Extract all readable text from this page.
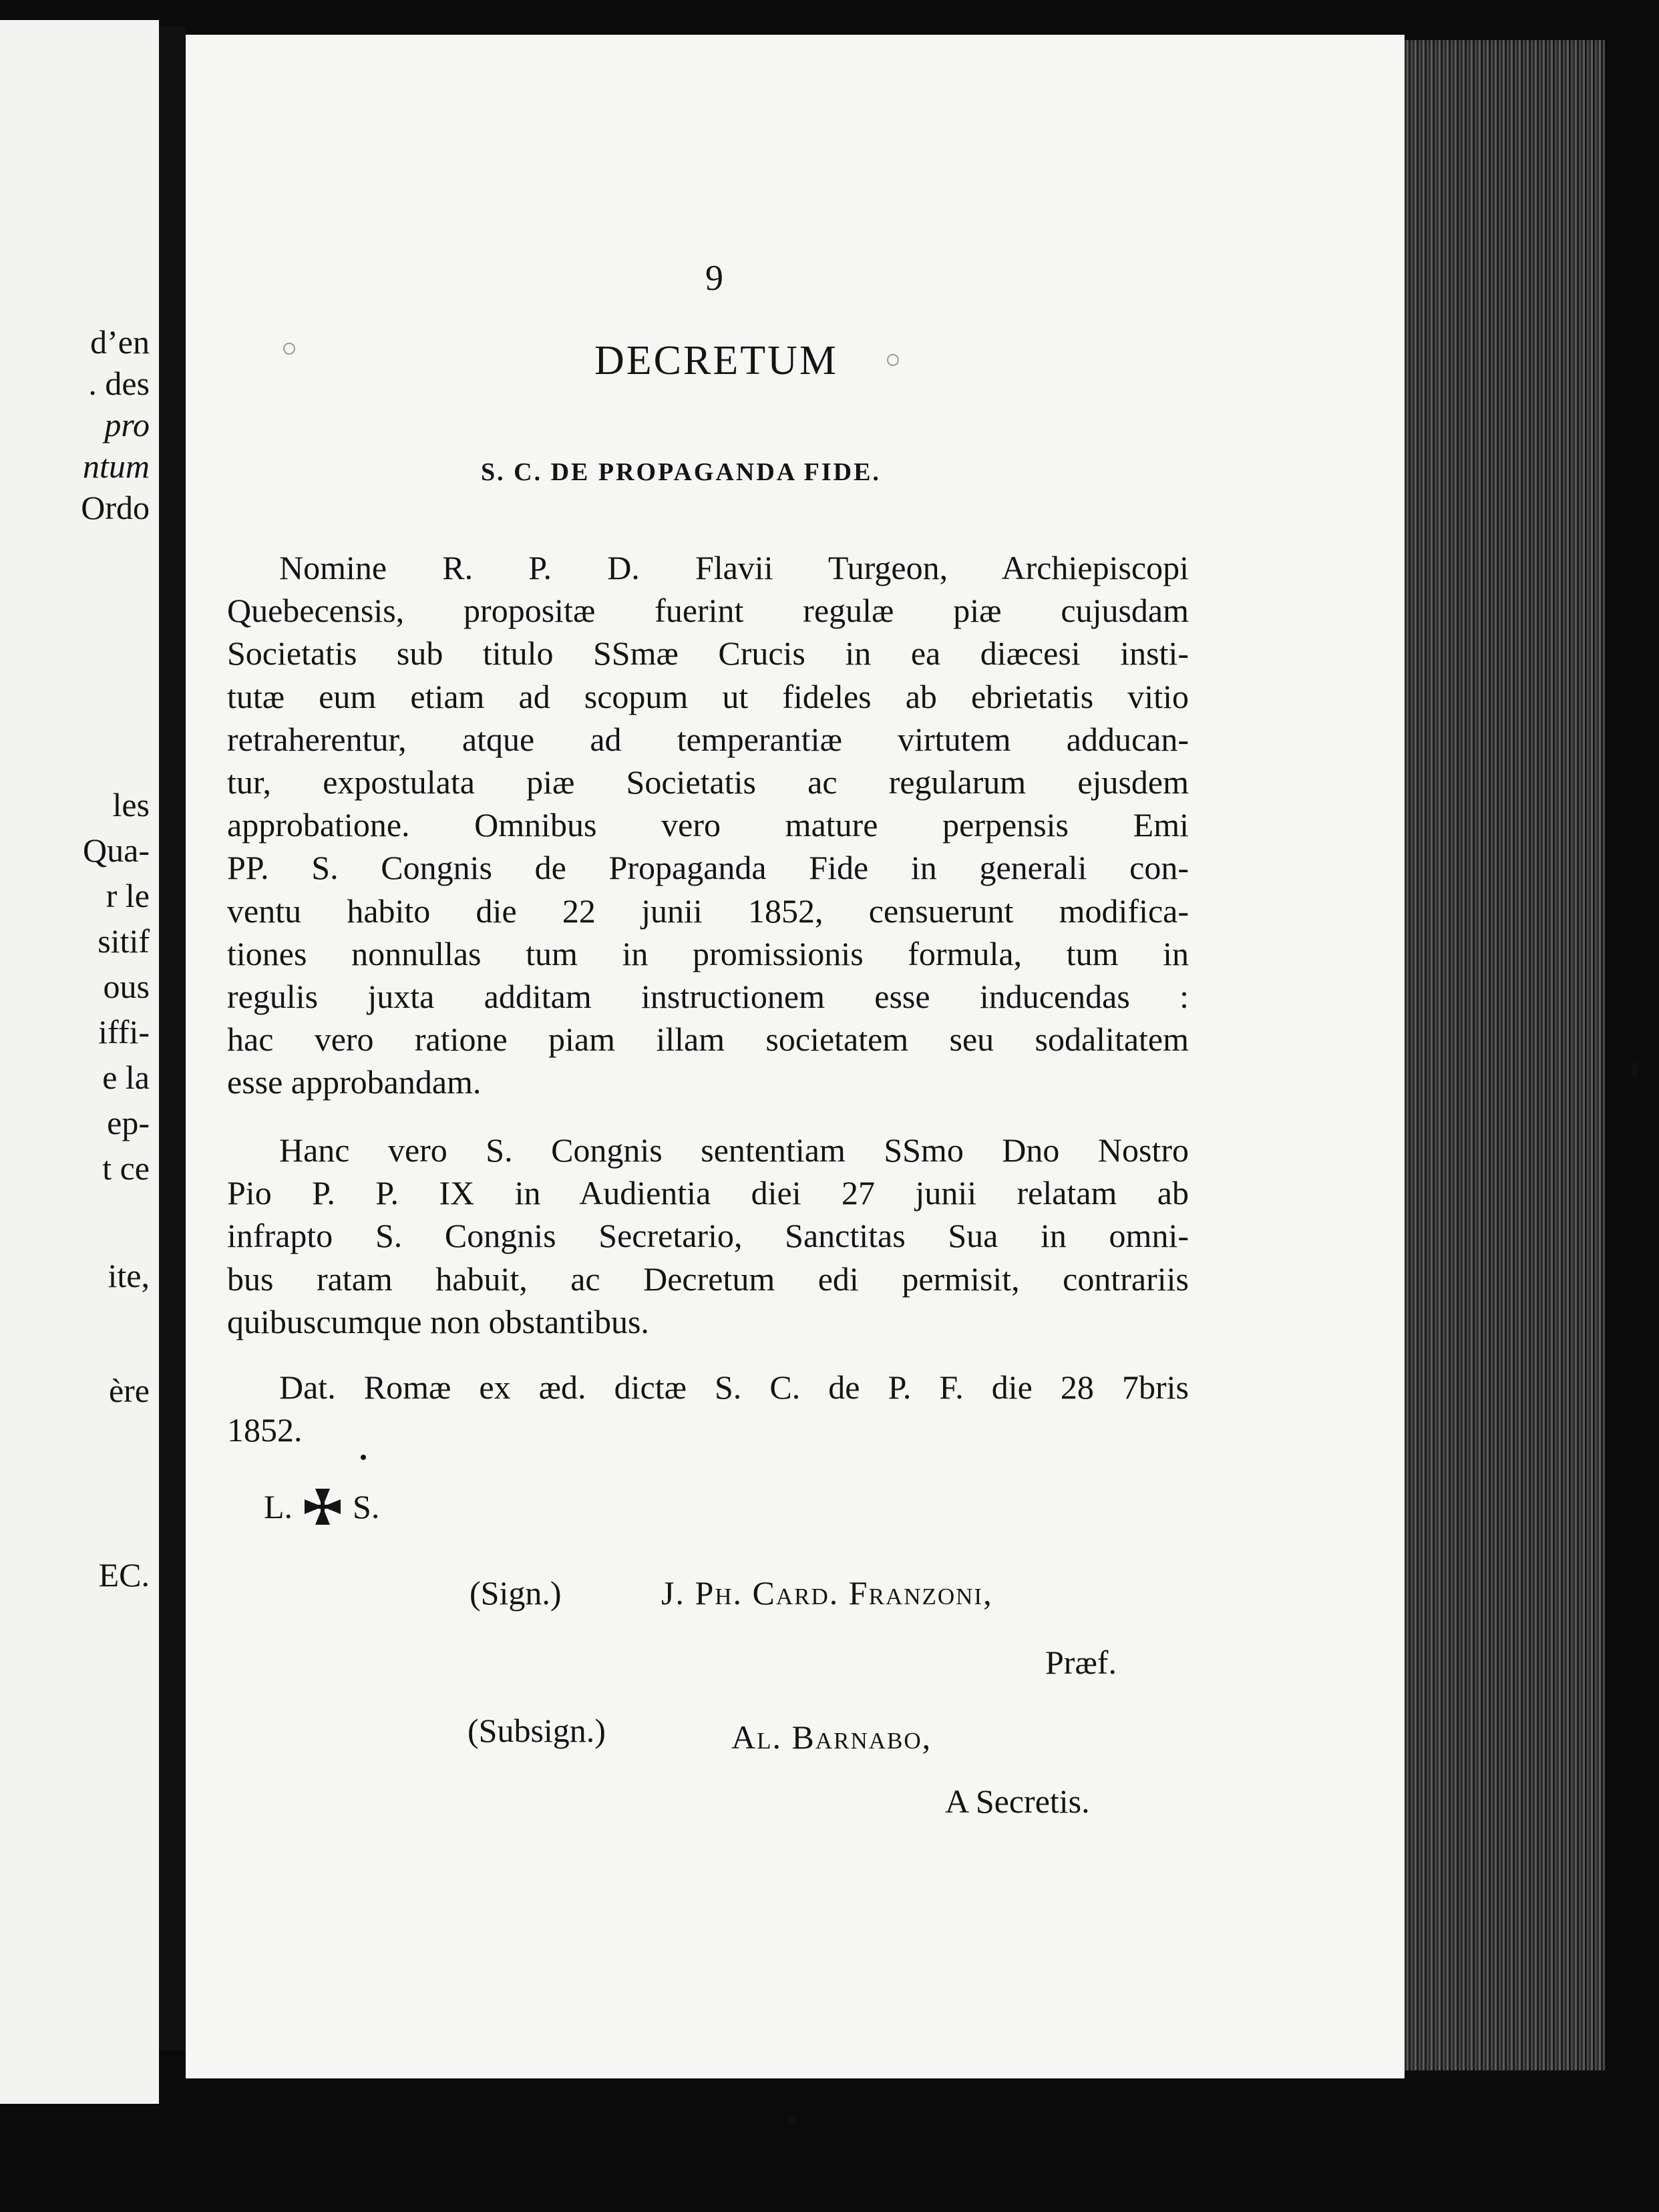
d’en
. des
pro
ntum
Ordo
les
Qua-
r le
sitif
ous
iffi-
e la
ep-
t ce
ite,
ère
EC.
9
DECRETUM
S. C. DE PROPAGANDA FIDE.
Nomine R. P. D. Flavii Turgeon, Archiepiscopi
Quebecensis, propositæ fuerint regulæ piæ cujusdam
Societatis sub titulo SSmæ Crucis in ea diæcesi insti-
tutæ eum etiam ad scopum ut fideles ab ebrietatis vitio
retraherentur, atque ad temperantiæ virtutem adducan-
tur, expostulata piæ Societatis ac regularum ejusdem
approbatione. Omnibus vero mature perpensis Emi
PP. S. Congnis de Propaganda Fide in generali con-
ventu habito die 22 junii 1852, censuerunt modifica-
tiones nonnullas tum in promissionis formula, tum in
regulis juxta additam instructionem esse inducendas :
hac vero ratione piam illam societatem seu sodalitatem
esse approbandam.
Hanc vero S. Congnis sententiam SSmo Dno Nostro
Pio P. P. IX in Audientia diei 27 junii relatam ab
infrapto S. Congnis Secretario, Sanctitas Sua in omni-
bus ratam habuit, ac Decretum edi permisit, contrariis
quibuscumque non obstantibus.
Dat. Romæ ex æd. dictæ S. C. de P. F. die 28 7bris
1852.
L. S.
(Sign.)	J. Ph. Card. Franzoni,
Præf.
(Subsign.)	Al. Barnabo,
A Secretis.
